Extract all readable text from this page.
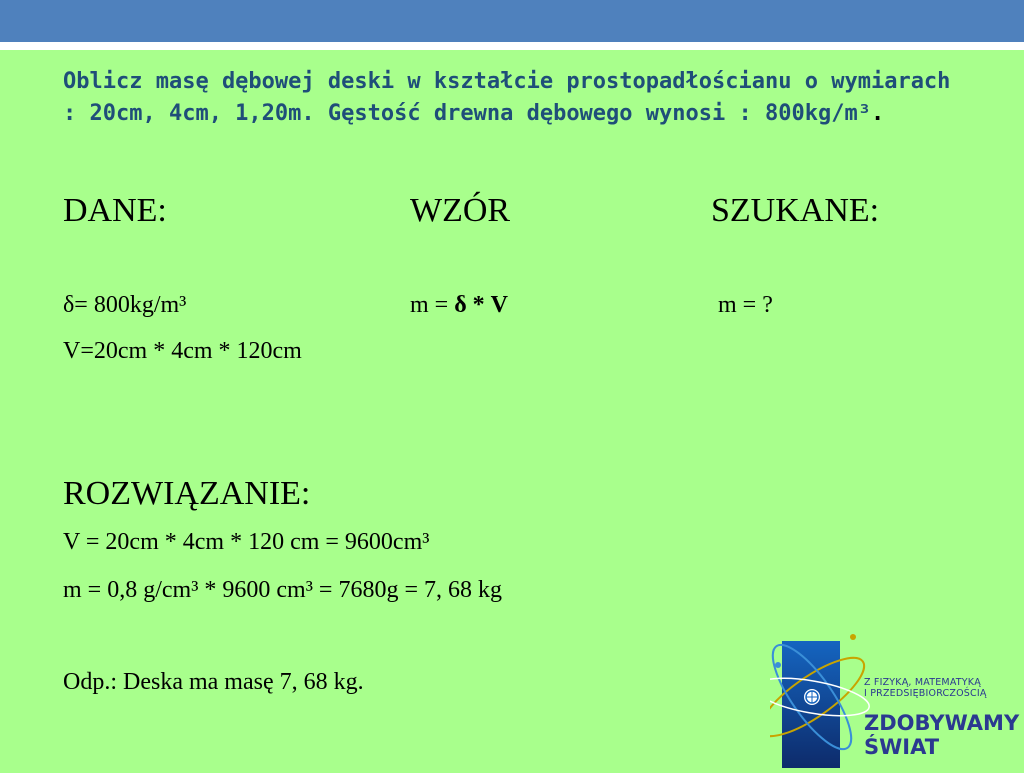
Oblicz masę dębowej deski w kształcie prostopadłościanu o wymiarach : 20cm, 4cm, 1,20m. Gęstość drewna dębowego wynosi : 800kg/m³.

DANE:	WZÓR	SZUKANE:
δ= 800kg/m³	m = δ * V	m = ?
V=20cm * 4cm * 120cm
ROZWIĄZANIE:
V = 20cm * 4cm * 120 cm = 9600cm³
m = 0,8 g/cm³ * 9600 cm³ = 7680g = 7, 68 kg
Odp.: Deska ma masę 7, 68 kg.	Z FIZYKĄ, MATEMATYKĄ
I PRZEDSIĘBIORCZOŚCIĄ
ZDOBYWAMY
ŚWIAT
